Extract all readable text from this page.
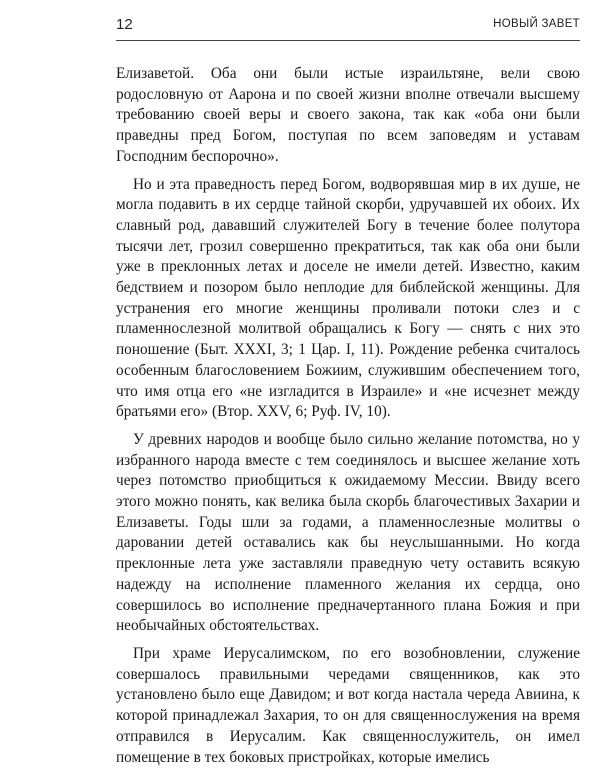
12	НОВЫЙ ЗАВЕТ

Елизаветой. Оба они были истые израильтяне, вели свою родословную от Аарона и по своей жизни вполне отвечали высшему требованию своей веры и своего закона, так как «оба они были праведны пред Богом, поступая по всем заповедям и уставам Господним беспорочно».

Но и эта праведность перед Богом, водворявшая мир в их душе, не могла подавить в их сердце тайной скорби, удручавшей их обоих. Их славный род, дававший служителей Богу в течение более полутора тысячи лет, грозил совершенно прекратиться, так как оба они были уже в преклонных летах и доселе не имели детей. Известно, каким бедствием и позором было неплодие для библейской женщины. Для устранения его многие женщины проливали потоки слез и с пламеннослезной молитвой обращались к Богу — снять с них это поношение (Быт. XXXI, 3; 1 Цар. I, 11). Рождение ребенка считалось особенным благословением Божиим, служившим обеспечением того, что имя отца его «не изгладится в Израиле» и «не исчезнет между братьями его» (Втор. XXV, 6; Руф. IV, 10).

У древних народов и вообще было сильно желание потомства, но у избранного народа вместе с тем соединялось и высшее желание хоть через потомство приобщиться к ожидаемому Мессии. Ввиду всего этого можно понять, как велика была скорбь благочестивых Захарии и Елизаветы. Годы шли за годами, а пламеннослезные молитвы о даровании детей оставались как бы неуслышанными. Но когда преклонные лета уже заставляли праведную чету оставить всякую надежду на исполнение пламенного желания их сердца, оно совершилось во исполнение предначертанного плана Божия и при необычайных обстоятельствах.

При храме Иерусалимском, по его возобновлении, служение совершалось правильными чередами священников, как это установлено было еще Давидом; и вот когда настала череда Авиина, к которой принадлежал Захария, то он для священнослужения на время отправился в Иерусалим. Как священнослужитель, он имел помещение в тех боковых пристройках, которые имелись
